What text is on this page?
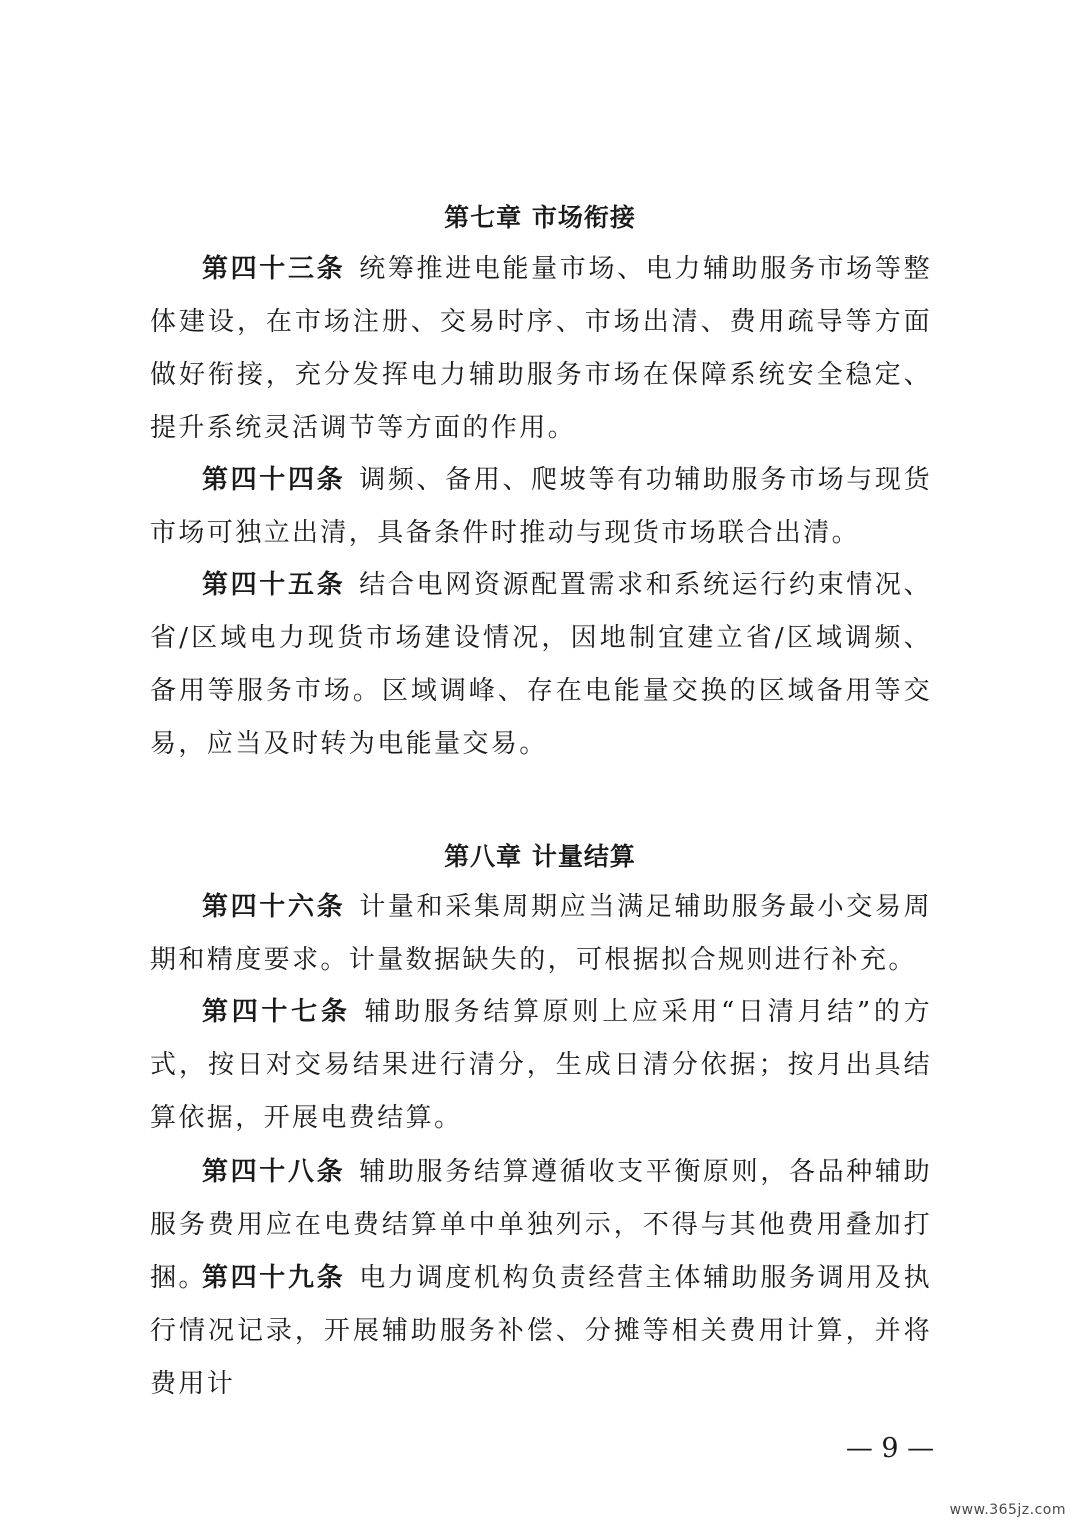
第七章 市场衔接

第四十三条 统筹推进电能量市场、电力辅助服务市场等整体建设，在市场注册、交易时序、市场出清、费用疏导等方面做好衔接，充分发挥电力辅助服务市场在保障系统安全稳定、提升系统灵活调节等方面的作用。

第四十四条 调频、备用、爬坡等有功辅助服务市场与现货市场可独立出清，具备条件时推动与现货市场联合出清。

第四十五条 结合电网资源配置需求和系统运行约束情况、省/区域电力现货市场建设情况，因地制宜建立省/区域调频、备用等服务市场。区域调峰、存在电能量交换的区域备用等交易，应当及时转为电能量交易。

第八章 计量结算

第四十六条 计量和采集周期应当满足辅助服务最小交易周期和精度要求。计量数据缺失的，可根据拟合规则进行补充。

第四十七条 辅助服务结算原则上应采用“日清月结”的方式，按日对交易结果进行清分，生成日清分依据；按月出具结算依据，开展电费结算。

第四十八条 辅助服务结算遵循收支平衡原则，各品种辅助服务费用应在电费结算单中单独列示，不得与其他费用叠加打捆。

第四十九条 电力调度机构负责经营主体辅助服务调用及执行情况记录，开展辅助服务补偿、分摊等相关费用计算，并将费用计

— 9 —
www.365jz.com
